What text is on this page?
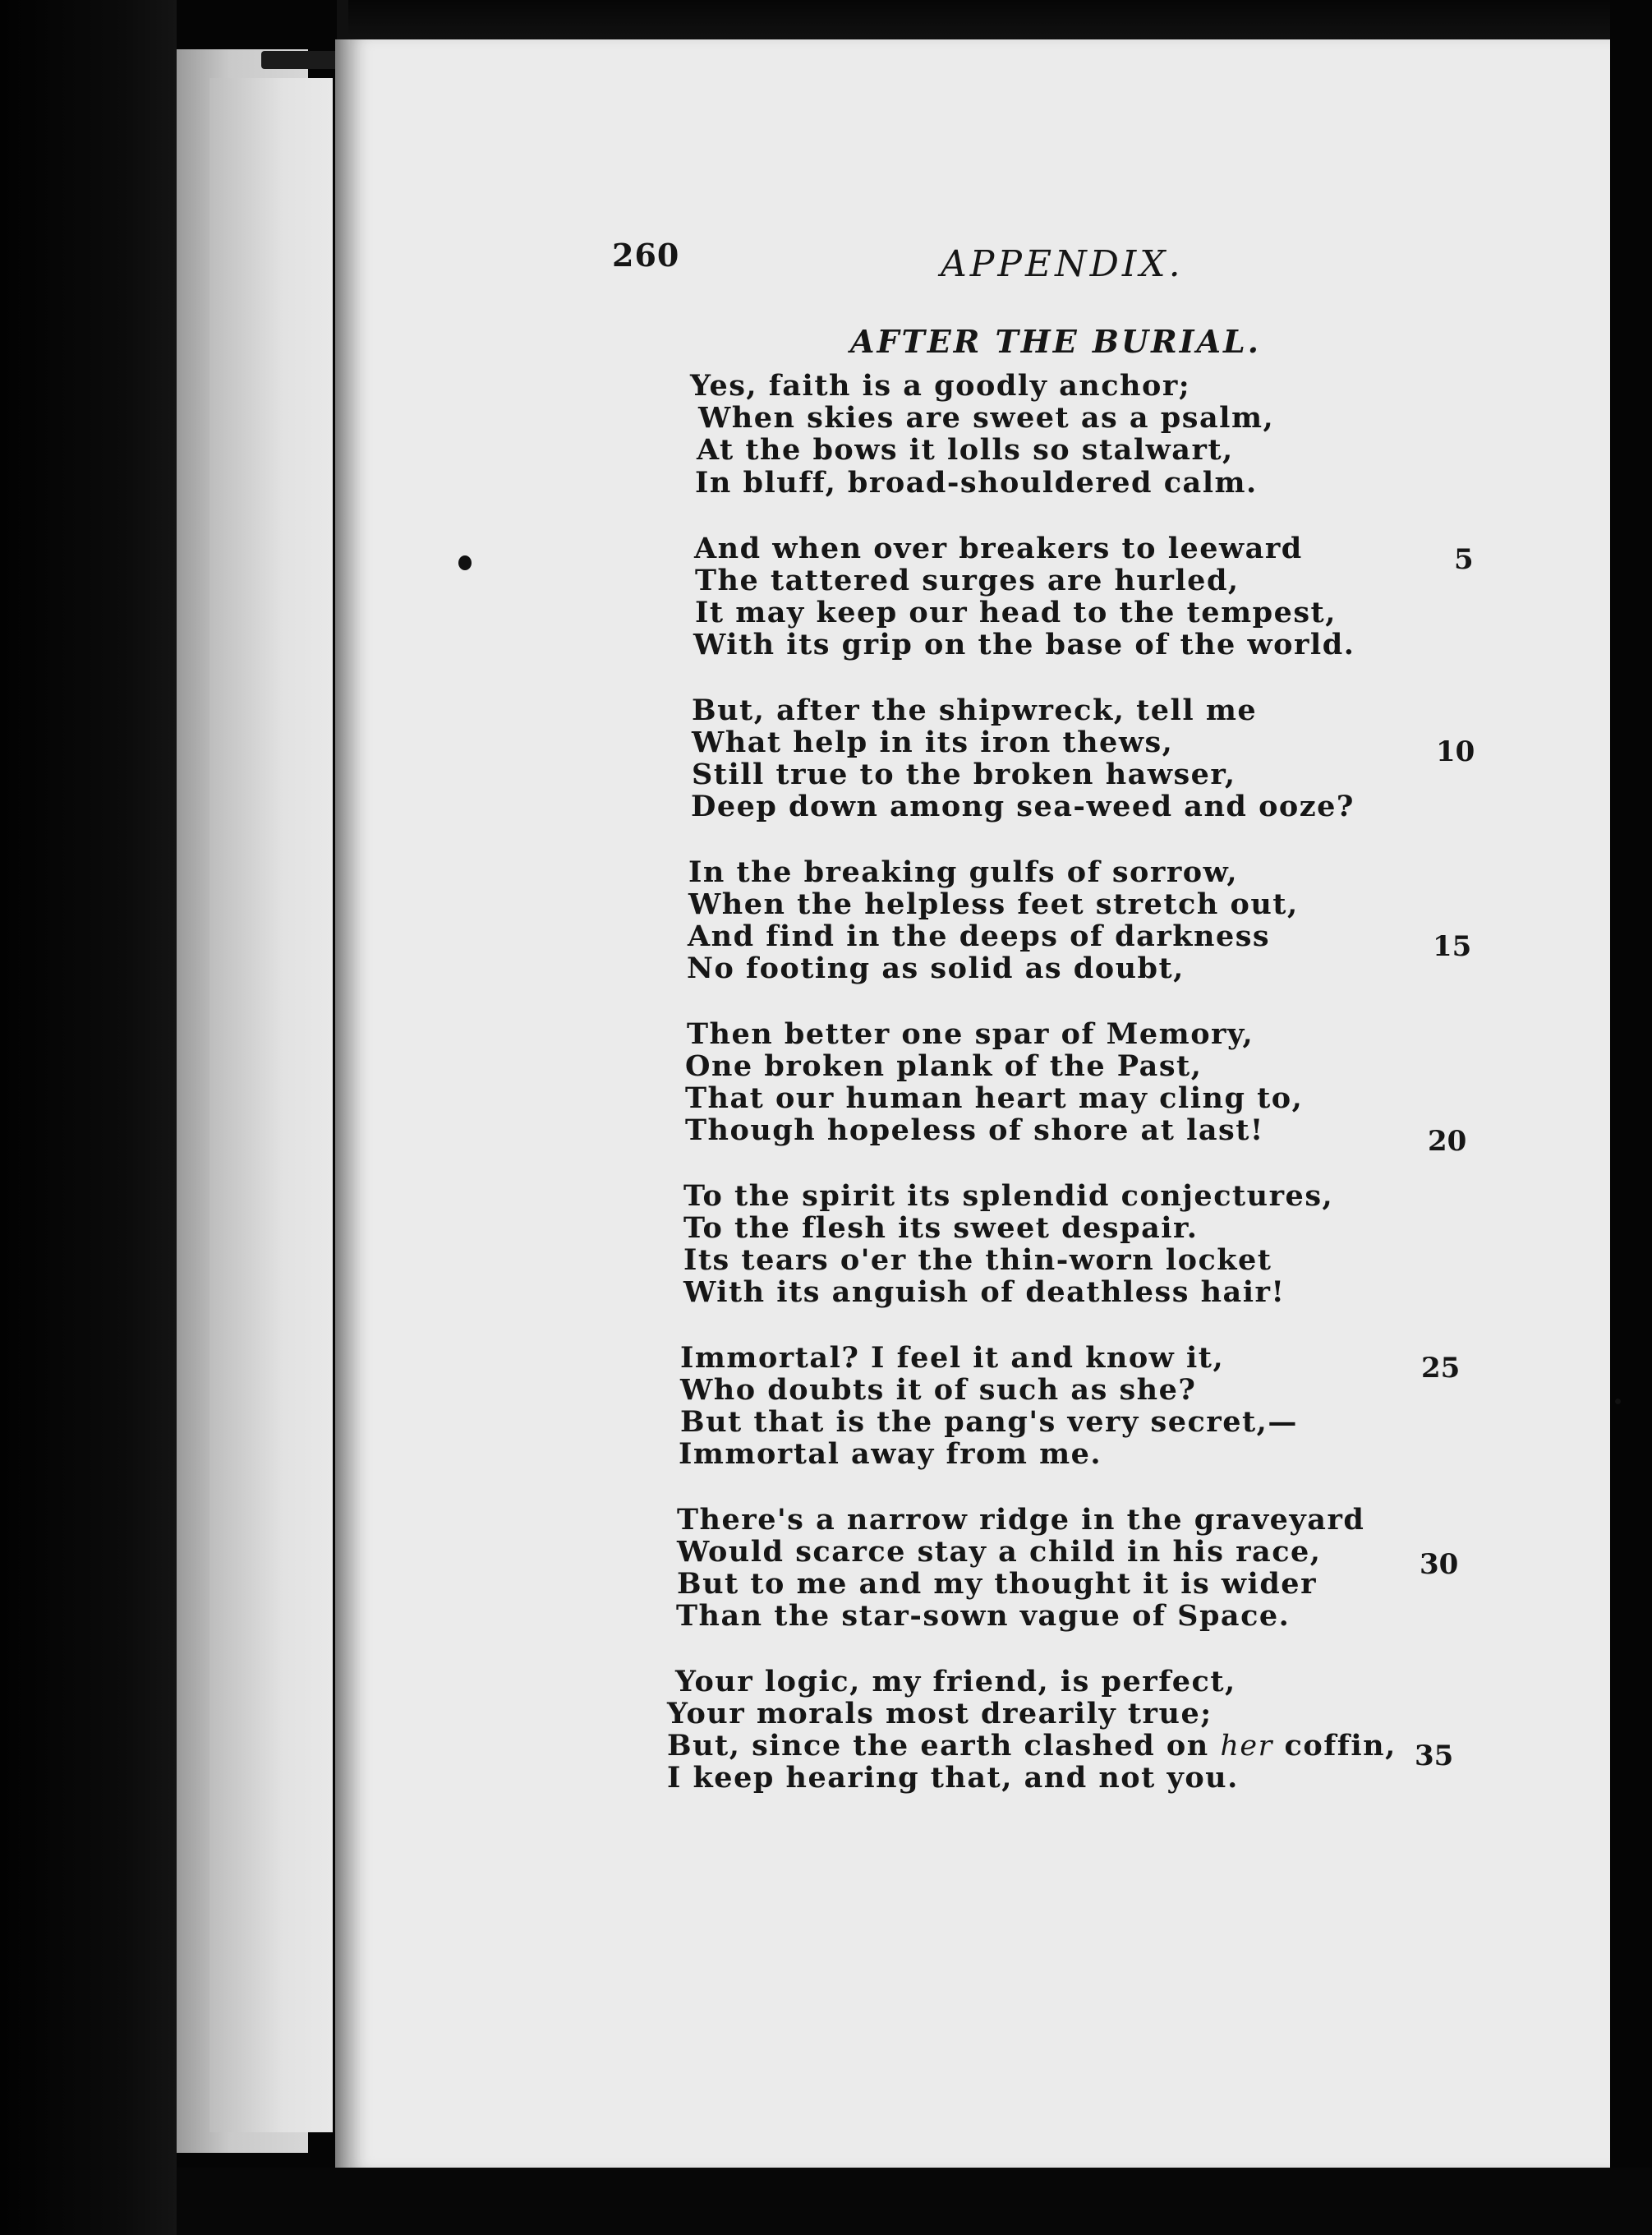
260	APPENDIX.
AFTER THE BURIAL.
Yes, faith is a goodly anchor;
When skies are sweet as a psalm,
At the bows it lolls so stalwart,
In bluff, broad-shouldered calm.
And when over breakers to leeward
The tattered surges are hurled,
It may keep our head to the tempest,
With its grip on the base of the world.
5
But, after the shipwreck, tell me
What help in its iron thews,
Still true to the broken hawser,
Deep down among sea-weed and ooze?
10
In the breaking gulfs of sorrow,
When the helpless feet stretch out,
And find in the deeps of darkness
No footing as solid as doubt,
15
Then better one spar of Memory,
One broken plank of the Past,
That our human heart may cling to,
Though hopeless of shore at last!	20
To the spirit its splendid conjectures,
To the flesh its sweet despair.
Its tears o'er the thin-worn locket
With its anguish of deathless hair!
Immortal? I feel it and know it,
Who doubts it of such as she?
But that is the pang's very secret,—
Immortal away from me.
25
There's a narrow ridge in the graveyard
Would scarce stay a child in his race,
But to me and my thought it is wider
Than the star-sown vague of Space.
30
Your logic, my friend, is perfect,
Your morals most drearily true;
But, since the earth clashed on her coffin,
I keep hearing that, and not you.
35
